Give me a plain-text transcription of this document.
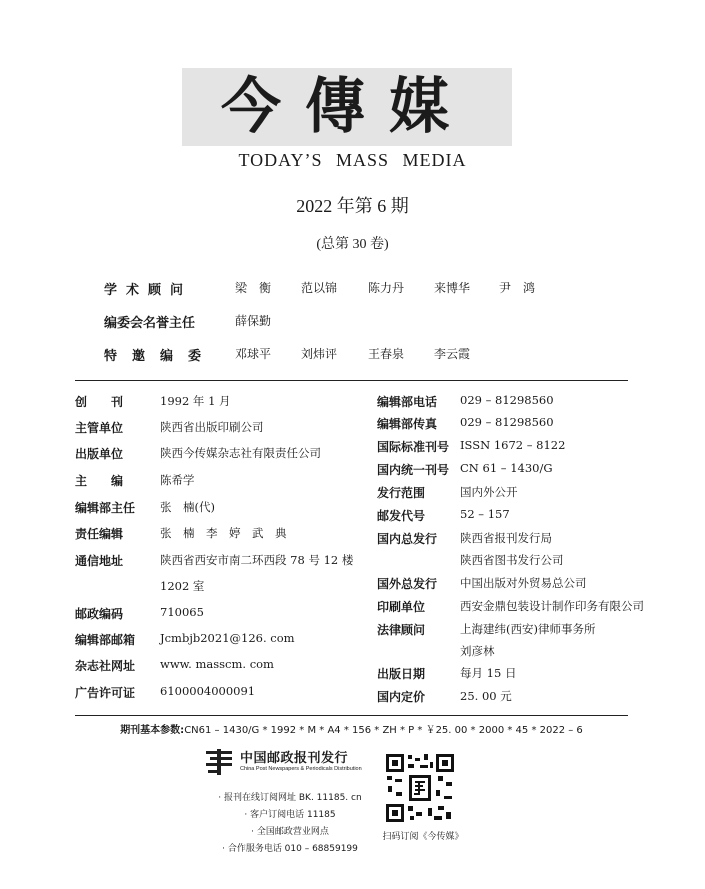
今傳媒
TODAY’S MASS MEDIA
2022 年第 6 期
(总第 30 卷)
学术顾问	梁　衡 范以锦	陈力丹 来博华 尹　鸿
编委会名誉主任	薛保勤
特邀编委	邓球平 刘炜评	王春泉 李云霞
创　　刊	1992 年 1 月
主管单位	陕西省出版印刷公司
出版单位	陕西今传媒杂志社有限责任公司
主　　编	陈希学
编辑部主任 张　楠(代)
责任编辑	张　楠　李　婷　武　典
通信地址	陕西省西安市南二环西段 78 号 12 楼
1202 室
邮政编码	710065
编辑部邮箱 Jcmbjb2021@126. com
杂志社网址 www. masscm. com
广告许可证 6100004000091
编辑部电话 029 – 81298560
编辑部传真 029 – 81298560
国际标准刊号 ISSN 1672 – 8122
国内统一刊号 CN 61 – 1430/G
发行范围	国内外公开
邮发代号	52 – 157
国内总发行 陕西省报刊发行局
陕西省图书发行公司
国外总发行 中国出版对外贸易总公司
印刷单位	西安金鼎包装设计制作印务有限公司
法律顾问	上海建纬(西安)律师事务所
刘彦林
出版日期	每月 15 日
国内定价	25. 00 元
期刊基本参数:CN61 – 1430/G * 1992 * M * A4 * 156 * ZH * P * ￥25. 00 * 2000 * 45 * 2022 – 6
中国邮政报刊发行
China Post Newspapers & Periodicals Distribution
· 报刊在线订阅网址 BK. 11185. cn
· 客户订阅电话 11185
· 全国邮政营业网点
· 合作服务电话 010 – 68859199
扫码订阅《今传媒》
